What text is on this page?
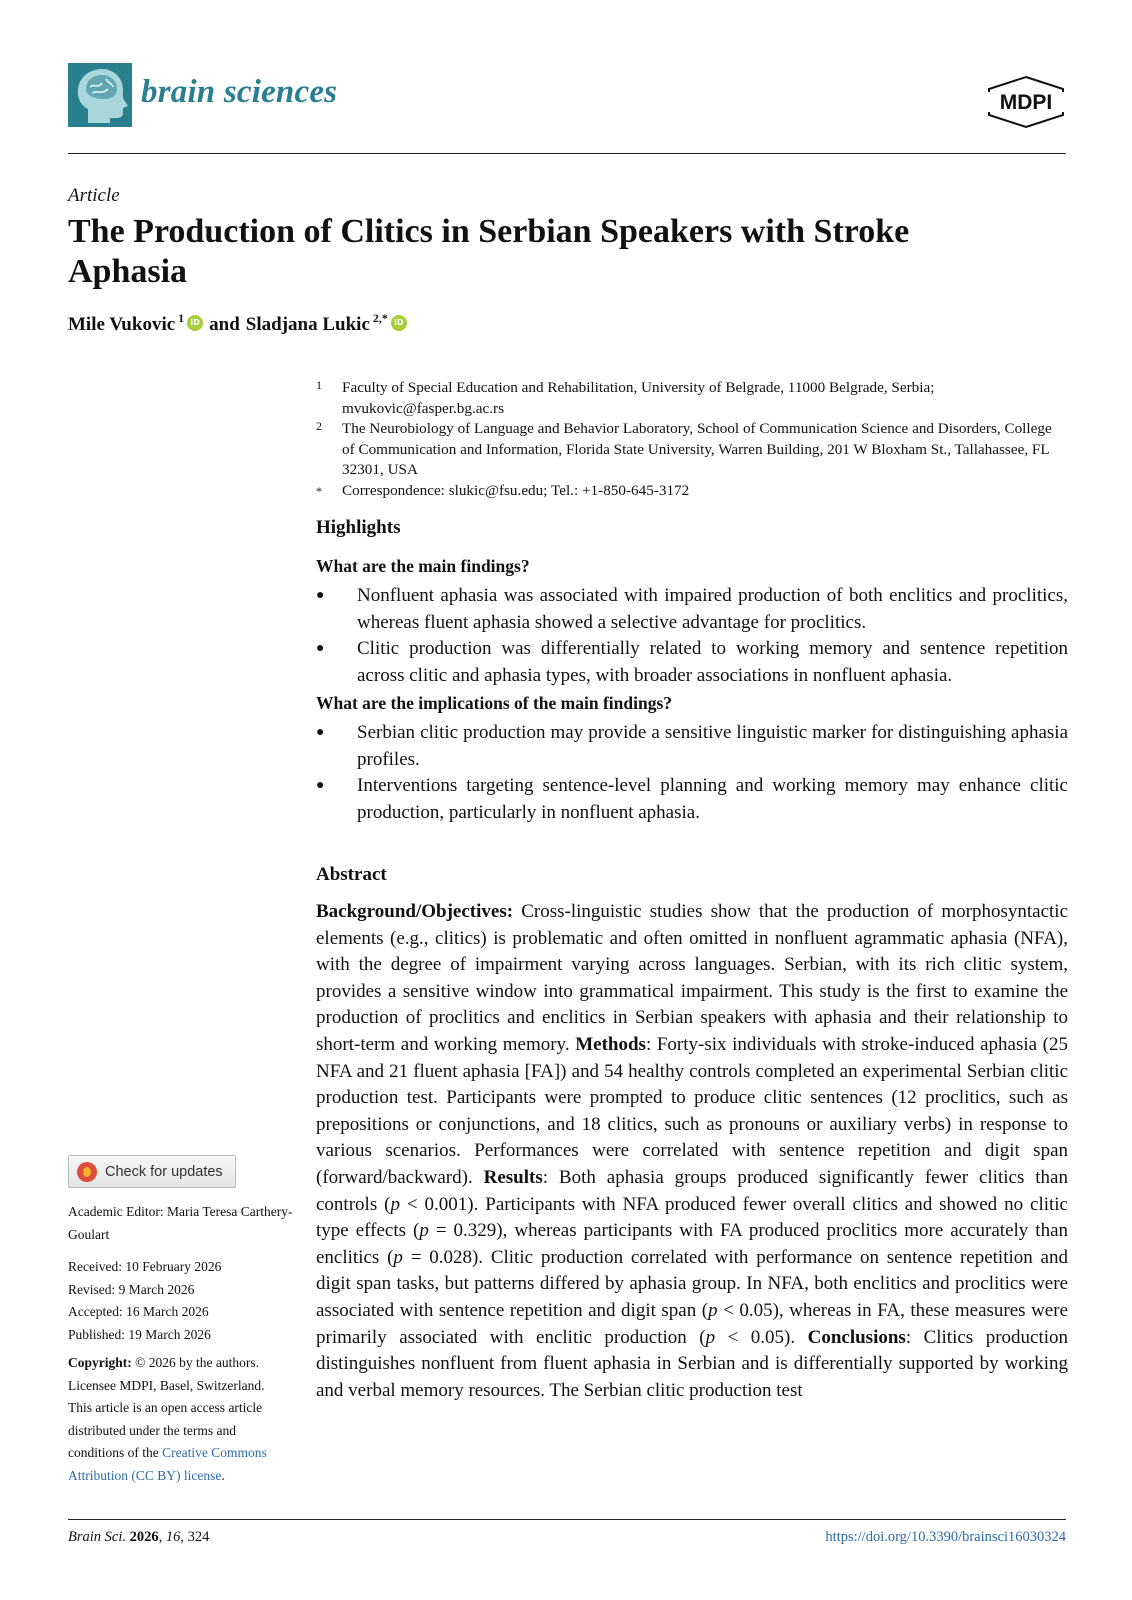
brain sciences	MDPI
Article
The Production of Clitics in Serbian Speakers with Stroke Aphasia
Mile Vukovic $^1$ iD and Sladjana Lukic $^{2,*}$ iD
1	Faculty of Special Education and Rehabilitation, University of Belgrade, 11000 Belgrade, Serbia; mvukovic@fasper.bg.ac.rs
2	The Neurobiology of Language and Behavior Laboratory, School of Communication Science and Disorders, College of Communication and Information, Florida State University, Warren Building, 201 W Bloxham St., Tallahassee, FL 32301, USA
*	Correspondence: slukic@fsu.edu; Tel.: +1-850-645-3172
Highlights
What are the main findings?
●	Nonfluent aphasia was associated with impaired production of both enclitics and proclitics, whereas fluent aphasia showed a selective advantage for proclitics.
●	Clitic production was differentially related to working memory and sentence repetition across clitic and aphasia types, with broader associations in nonfluent aphasia.
What are the implications of the main findings?
●	Serbian clitic production may provide a sensitive linguistic marker for distinguishing aphasia profiles.
●	Interventions targeting sentence-level planning and working memory may enhance clitic production, particularly in nonfluent aphasia.
Abstract
Background/Objectives: Cross-linguistic studies show that the production of morphosyntactic elements (e.g., clitics) is problematic and often omitted in nonfluent agrammatic aphasia (NFA), with the degree of impairment varying across languages. Serbian, with its rich clitic system, provides a sensitive window into grammatical impairment. This study is the first to examine the production of proclitics and enclitics in Serbian speakers with aphasia and their relationship to short-term and working memory. Methods: Forty-six individuals with stroke-induced aphasia (25 NFA and 21 fluent aphasia [FA]) and 54 healthy controls completed an experimental Serbian clitic production test. Participants were prompted to produce clitic sentences (12 proclitics, such as prepositions or conjunctions, and 18 clitics, such as pronouns or auxiliary verbs) in response to various scenarios. Performances were correlated with sentence repetition and digit span (forward/backward). Results: Both aphasia groups produced significantly fewer clitics than controls (p < 0.001). Participants with NFA produced fewer overall clitics and showed no clitic type effects (p = 0.329), whereas participants with FA produced proclitics more accurately than enclitics (p = 0.028). Clitic production correlated with performance on sentence repetition and digit span tasks, but patterns differed by aphasia group. In NFA, both enclitics and proclitics were associated with sentence repetition and digit span (p < 0.05), whereas in FA, these measures were primarily associated with enclitic production (p < 0.05). Conclusions: Clitics production distinguishes nonfluent from fluent aphasia in Serbian and is differentially supported by working and verbal memory resources. The Serbian clitic production test
Check for updates
Academic Editor: Maria Teresa Carthery-Goulart
Received: 10 February 2026
Revised: 9 March 2026
Accepted: 16 March 2026
Published: 19 March 2026
Copyright: © 2026 by the authors. Licensee MDPI, Basel, Switzerland. This article is an open access article distributed under the terms and conditions of the Creative Commons Attribution (CC BY) license.
Brain Sci. 2026, 16, 324	https://doi.org/10.3390/brainsci16030324
